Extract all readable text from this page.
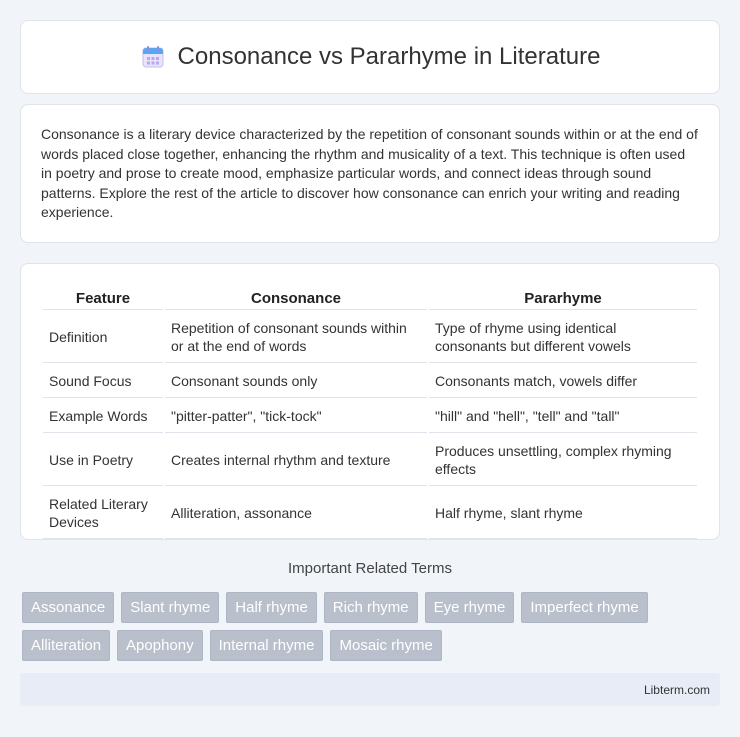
Consonance vs Pararhyme in Literature

Consonance is a literary device characterized by the repetition of consonant sounds within or at the end of words placed close together, enhancing the rhythm and musicality of a text. This technique is often used in poetry and prose to create mood, emphasize particular words, and connect ideas through sound patterns. Explore the rest of the article to discover how consonance can enrich your writing and reading experience.

Feature	Consonance	Pararhyme
Definition	Repetition of consonant sounds within or at the end of words	Type of rhyme using identical consonants but different vowels
Sound Focus	Consonant sounds only	Consonants match, vowels differ
Example Words	"pitter-patter", "tick-tock"	"hill" and "hell", "tell" and "tall"
Use in Poetry	Creates internal rhythm and texture	Produces unsettling, complex rhyming effects
Related Literary Devices	Alliteration, assonance	Half rhyme, slant rhyme
Important Related Terms
Assonance	Slant rhyme	Half rhyme	Rich rhyme	Eye rhyme	Imperfect rhyme
Alliteration	Apophony	Internal rhyme	Mosaic rhyme
Libterm.com
